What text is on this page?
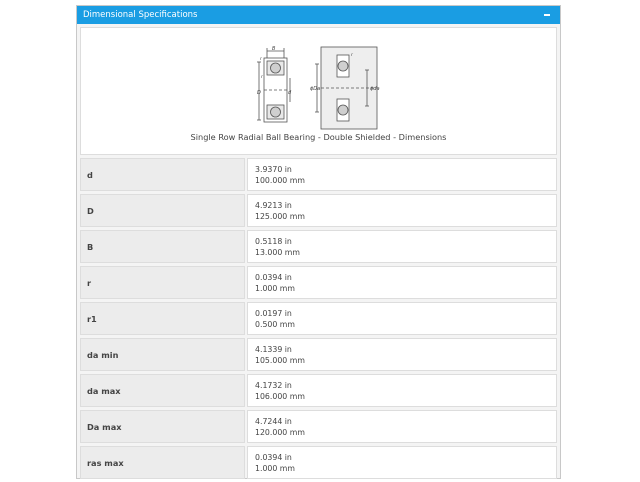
Dimensional Specifications
B
r
r
D	d
r
ϕDa	ϕda
Single Row Radial Ball Bearing - Double Shielded - Dimensions
d
3.9370 in
100.000 mm
D
4.9213 in
125.000 mm
B
0.5118 in
13.000 mm
r
0.0394 in
1.000 mm
r1
0.0197 in
0.500 mm
da min
4.1339 in
105.000 mm
da max
4.1732 in
106.000 mm
Da max
4.7244 in
120.000 mm
ras max
0.0394 in
1.000 mm
